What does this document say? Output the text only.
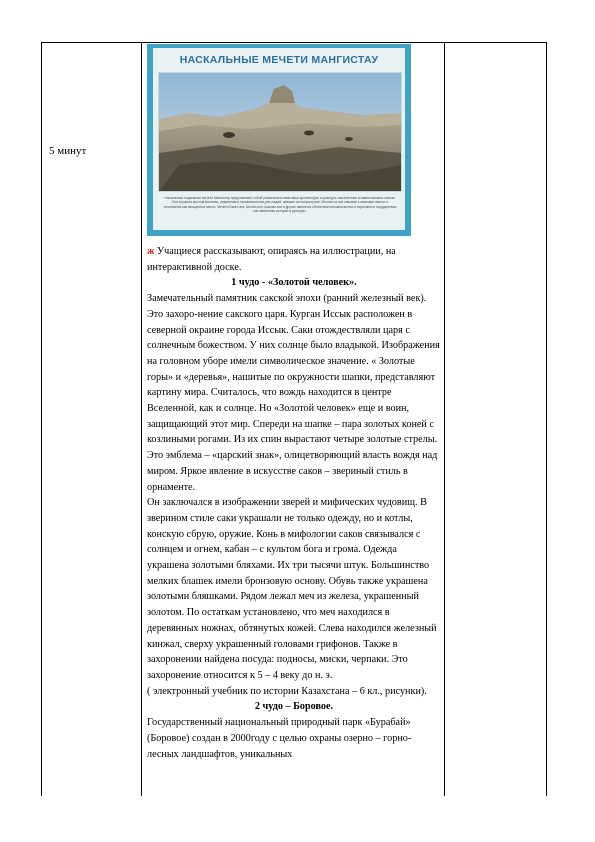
5 минут
НАСКАЛЬНЫЕ МЕЧЕТИ МАНГИСТАУ
Наскальные подземные мечети Мангистау представляют собой уникальные памятники архитектуры и культуры, высеченные в известняковых скалах. Они служили местом молитвы, уединения и паломничества для людей, живших на полуострове. Многие из них связаны с именами святых и почитаются как священные места. Мечети Бекет-ата, Шопан-ата, Шакпак-ата и другие являются объектами паломничества и охраняются государством как памятники истории и культуры.

ж Учащиеся рассказывают, опираясь на иллюстрации, на интерактивной доске.

1 чудо - «Золотой человек».

Замечательный памятник сакской эпохи (ранний железный век). Это захоро-нение сакского царя. Курган Иссык расположен в северной окраине города Иссык. Саки отождествляли царя с солнечным божеством. У них солнце было владыкой. Изображения на головном уборе имели символическое значение. « Золотые горы» и «деревья», нашитые по окружности шапки, представляют картину мира. Считалось, что вождь находится в центре Вселенной, как и солнце. Но «Золотой человек» еще и воин, защищающий этот мир. Спереди на шапке – пара золотых коней с козлиными рогами. Из их спин вырастают четыре золотые стрелы. Это эмблема – «царский знак», олицетворяющий власть вождя над миром. Яркое явление в искусстве саков – звериный стиль в орнаменте.

Он заключался в изображении зверей и мифических чудовищ. В зверином стиле саки украшали не только одежду, но и котлы, конскую сбрую, оружие. Конь в мифологии саков связывался с солнцем и огнем, кабан – с культом бога и грома. Одежда украшена золотыми бляхами. Их три тысячи штук. Большинство мелких блашек имели бронзовую основу. Обувь также украшена золотыми бляшками. Рядом лежал меч из железа, украшенный золотом. По остаткам установлено, что меч находился в деревянных ножнах, обтянутых кожей. Слева находился железный кинжал, сверху украшенный головами грифонов. Также в захоронении найдена посуда: подносы, миски, черпаки. Это захоронение относится к 5 – 4 веку до н. э.

( электронный учебник по истории Казахстана – 6 кл., рисунки).

2 чудо – Боровое.

Государственный национальный природный парк «Бурабай» (Боровое) создан в 2000году с целью охраны озерно – горно-лесных ландшафтов, уникальных
